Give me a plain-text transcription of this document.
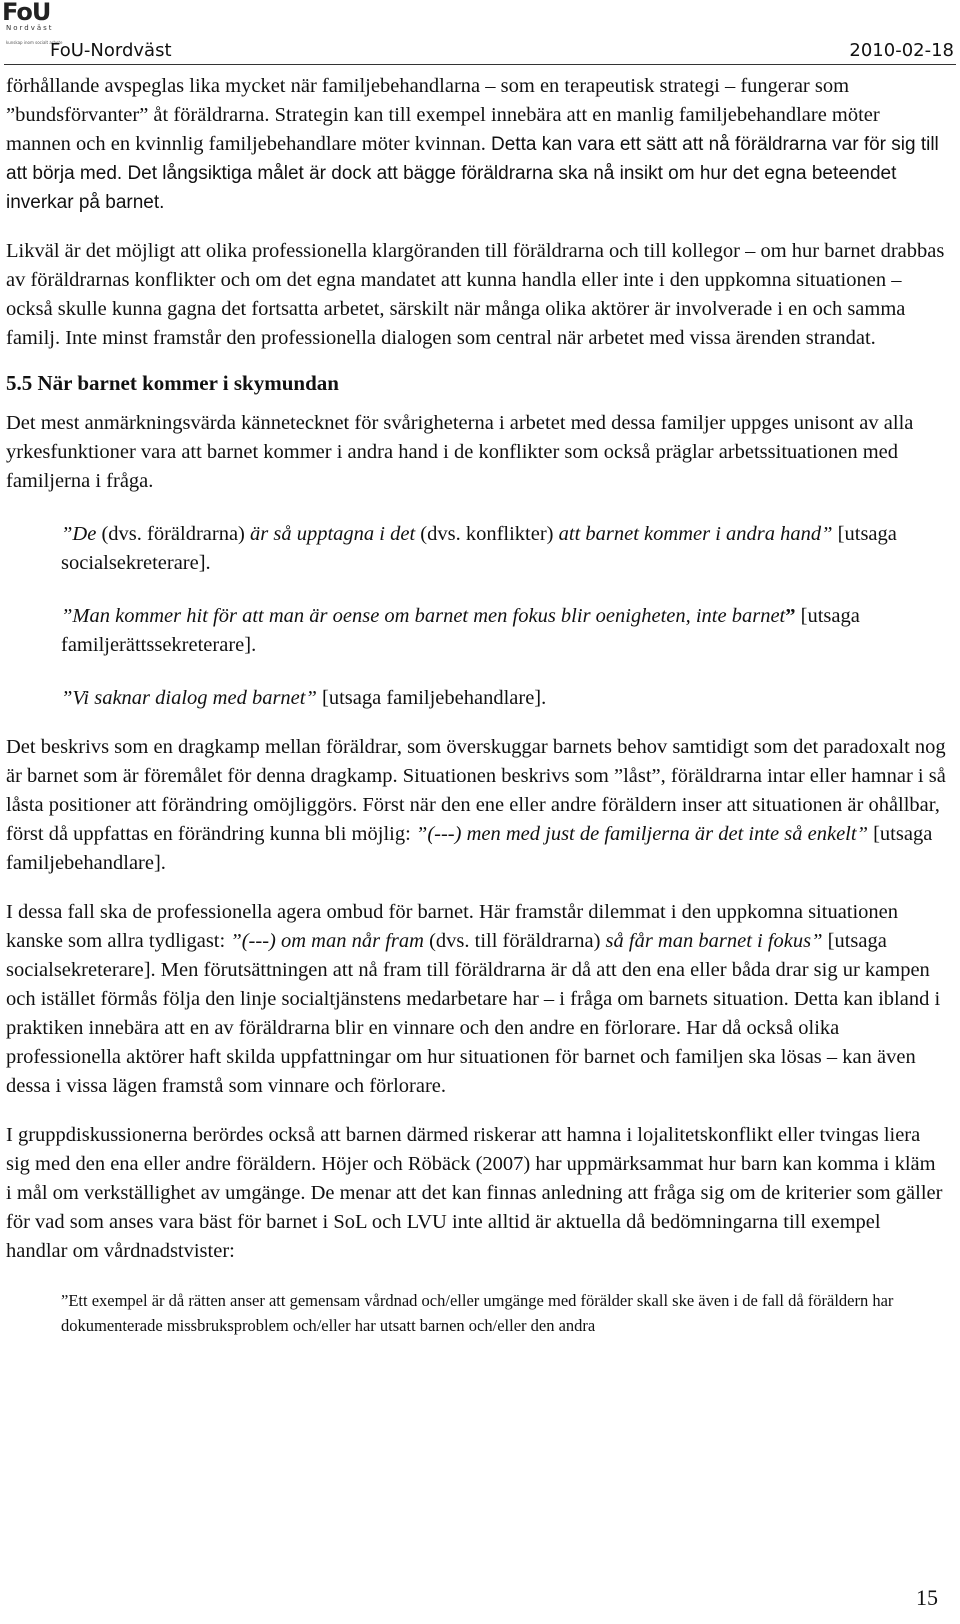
FoU
Nordväst
kunskap inom socialt arbete
FoU-Nordväst	2010-02-18

förhållande avspeglas lika mycket när familjebehandlarna – som en terapeutisk strategi – fungerar som ”bundsförvanter” åt föräldrarna. Strategin kan till exempel innebära att en manlig familjebehandlare möter mannen och en kvinnlig familjebehandlare möter kvinnan. Detta kan vara ett sätt att nå föräldrarna var för sig till att börja med. Det långsiktiga målet är dock att bägge föräldrarna ska nå insikt om hur det egna beteendet inverkar på barnet.

Likväl är det möjligt att olika professionella klargöranden till föräldrarna och till kollegor – om hur barnet drabbas av föräldrarnas konflikter och om det egna mandatet att kunna handla eller inte i den uppkomna situationen – också skulle kunna gagna det fortsatta arbetet, särskilt när många olika aktörer är involverade i en och samma familj. Inte minst framstår den professionella dialogen som central när arbetet med vissa ärenden strandat.

5.5 När barnet kommer i skymundan

Det mest anmärkningsvärda kännetecknet för svårigheterna i arbetet med dessa familjer uppges unisont av alla yrkesfunktioner vara att barnet kommer i andra hand i de konflikter som också präglar arbetssituationen med familjerna i fråga.

”De (dvs. föräldrarna) är så upptagna i det (dvs. konflikter) att barnet kommer i andra hand” [utsaga socialsekreterare].

”Man kommer hit för att man är oense om barnet men fokus blir oenigheten, inte barnet” [utsaga familjerättssekreterare].

”Vi saknar dialog med barnet” [utsaga familjebehandlare].

Det beskrivs som en dragkamp mellan föräldrar, som överskuggar barnets behov samtidigt som det paradoxalt nog är barnet som är föremålet för denna dragkamp. Situationen beskrivs som ”låst”, föräldrarna intar eller hamnar i så låsta positioner att förändring omöjliggörs. Först när den ene eller andre föräldern inser att situationen är ohållbar, först då uppfattas en förändring kunna bli möjlig: ”(---) men med just de familjerna är det inte så enkelt” [utsaga familjebehandlare].

I dessa fall ska de professionella agera ombud för barnet. Här framstår dilemmat i den uppkomna situationen kanske som allra tydligast: ”(---) om man når fram (dvs. till föräldrarna) så får man barnet i fokus” [utsaga socialsekreterare]. Men förutsättningen att nå fram till föräldrarna är då att den ena eller båda drar sig ur kampen och istället förmås följa den linje socialtjänstens medarbetare har – i fråga om barnets situation. Detta kan ibland i praktiken innebära att en av föräldrarna blir en vinnare och den andre en förlorare. Har då också olika professionella aktörer haft skilda uppfattningar om hur situationen för barnet och familjen ska lösas – kan även dessa i vissa lägen framstå som vinnare och förlorare.

I gruppdiskussionerna berördes också att barnen därmed riskerar att hamna i lojalitetskonflikt eller tvingas liera sig med den ena eller andre föräldern. Höjer och Röbäck (2007) har uppmärksammat hur barn kan komma i kläm i mål om verkställighet av umgänge. De menar att det kan finnas anledning att fråga sig om de kriterier som gäller för vad som anses vara bäst för barnet i SoL och LVU inte alltid är aktuella då bedömningarna till exempel handlar om vårdnadstvister:

”Ett exempel är då rätten anser att gemensam vårdnad och/eller umgänge med förälder skall ske även i de fall då föräldern har dokumenterade missbruksproblem och/eller har utsatt barnen och/eller den andra

15
